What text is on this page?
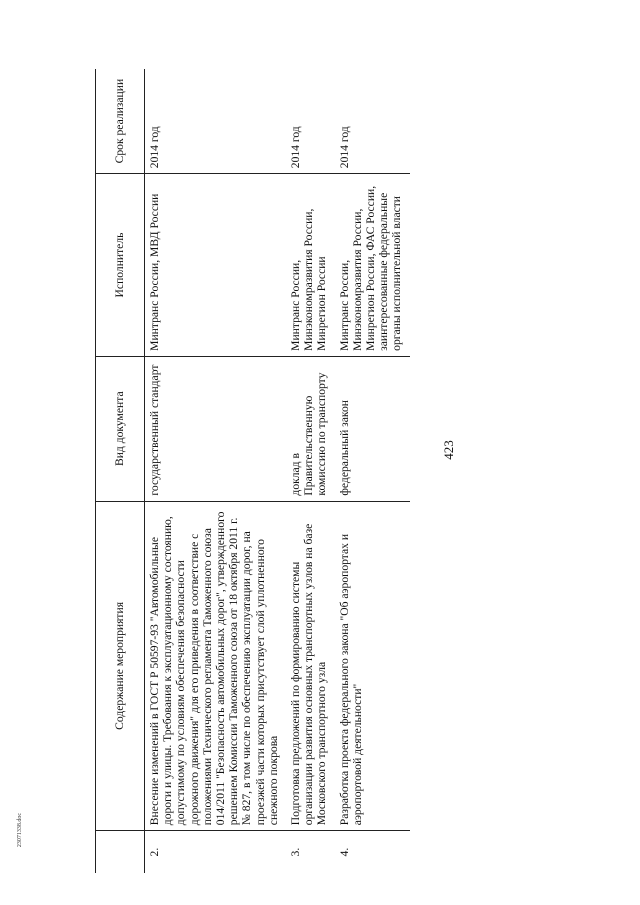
423
	Содержание мероприятия	Вид документа	Исполнитель	Срок реализации
2.	Внесение изменений в ГОСТ Р 50597-93 "Автомобильные дороги и улицы. Требования к эксплуатационному состоянию, допустимому по условиям обеспечения безопасности дорожного движения" для его приведения в соответствие с положениями Технического регламента Таможенного союза 014/2011 "Безопасность автомобильных дорог", утвержденного решением Комиссии Таможенного союза от 18 октября 2011 г. № 827, в том числе по обеспечению эксплуатации дорог, на проезжей части которых присутствует слой уплотненного снежного покрова	государственный стандарт	Минтранс России, МВД России	2014 год
3.	Подготовка предложений по формированию системы организации развития основных транспортных узлов на базе Московского транспортного узла	доклад в Правительственную комиссию по транспорту	Минтранс России, Минэкономразвития России, Минрегион России	2014 год
4.	Разработка проекта федерального закона "Об аэропортах и аэропортовой деятельности"	федеральный закон	Минтранс России, Минэкономразвития России, Минрегион России, ФАС России, заинтересованные федеральные органы исполнительной власти	2014 год
23071338.doc
